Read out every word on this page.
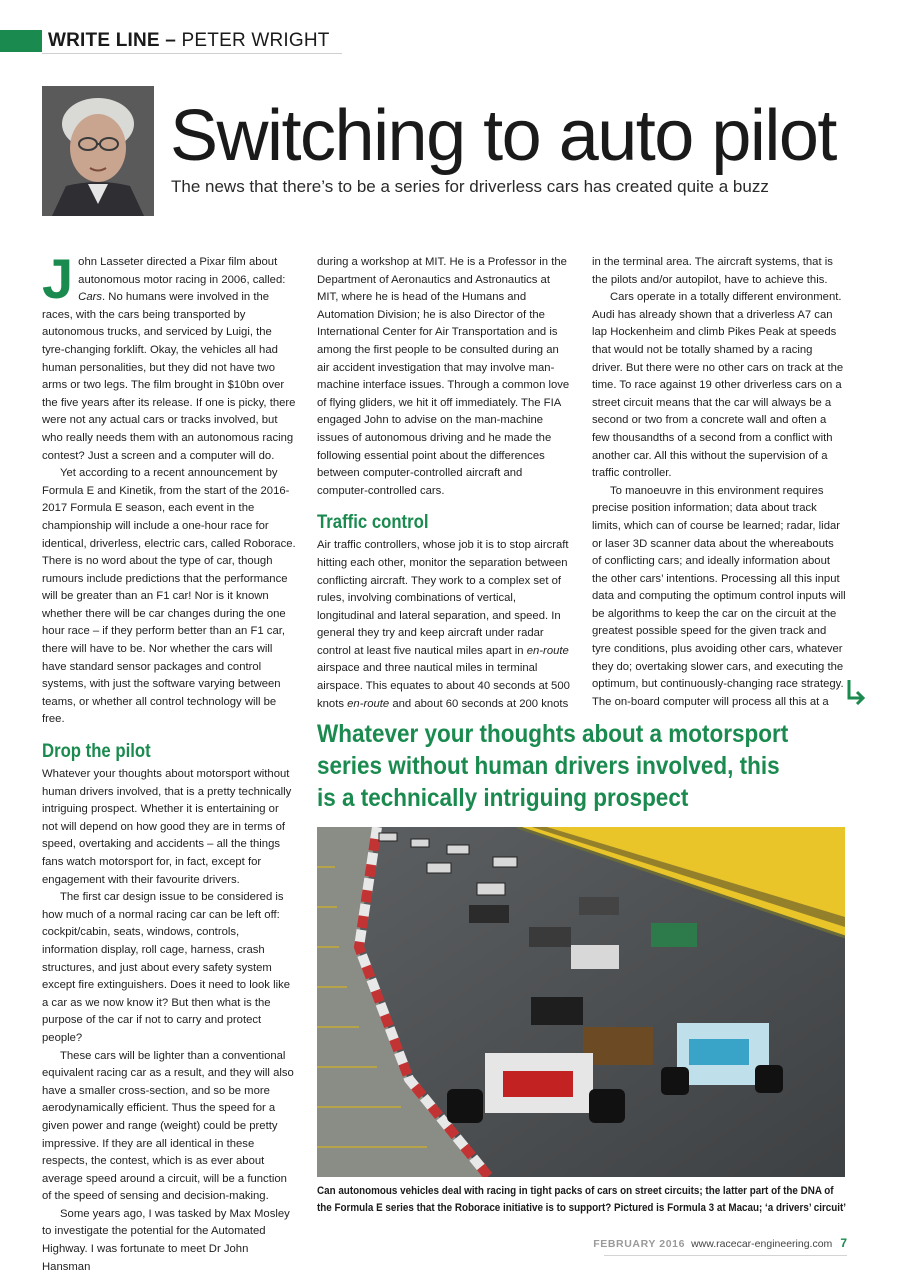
WRITE LINE – PETER WRIGHT
Switching to auto pilot
The news that there’s to be a series for driverless cars has created quite a buzz

John Lasseter directed a Pixar film about autonomous motor racing in 2006, called: Cars. No humans were involved in the races, with the cars being transported by autonomous trucks, and serviced by Luigi, the tyre-changing forklift. Okay, the vehicles all had human personalities, but they did not have two arms or two legs. The film brought in $10bn over the five years after its release. If one is picky, there were not any actual cars or tracks involved, but who really needs them with an autonomous racing contest? Just a screen and a computer will do.

Yet according to a recent announcement by Formula E and Kinetik, from the start of the 2016-2017 Formula E season, each event in the championship will include a one-hour race for identical, driverless, electric cars, called Roborace. There is no word about the type of car, though rumours include predictions that the performance will be greater than an F1 car! Nor is it known whether there will be car changes during the one hour race – if they perform better than an F1 car, there will have to be. Nor whether the cars will have standard sensor packages and control systems, with just the software varying between teams, or whether all control technology will be free.

Drop the pilot

Whatever your thoughts about motorsport without human drivers involved, that is a pretty technically intriguing prospect. Whether it is entertaining or not will depend on how good they are in terms of speed, overtaking and accidents – all the things fans watch motorsport for, in fact, except for engagement with their favourite drivers.

The first car design issue to be considered is how much of a normal racing car can be left off: cockpit/cabin, seats, windows, controls, information display, roll cage, harness, crash structures, and just about every safety system except fire extinguishers. Does it need to look like a car as we now know it? But then what is the purpose of the car if not to carry and protect people?

These cars will be lighter than a conventional equivalent racing car as a result, and they will also have a smaller cross-section, and so be more aerodynamically efficient. Thus the speed for a given power and range (weight) could be pretty impressive. If they are all identical in these respects, the contest, which is as ever about average speed around a circuit, will be a function of the speed of sensing and decision-making.

Some years ago, I was tasked by Max Mosley to investigate the potential for the Automated Highway. I was fortunate to meet Dr John Hansman

during a workshop at MIT. He is a Professor in the Department of Aeronautics and Astronautics at MIT, where he is head of the Humans and Automation Division; he is also Director of the International Center for Air Transportation and is among the first people to be consulted during an air accident investigation that may involve man-machine interface issues. Through a common love of flying gliders, we hit it off immediately. The FIA engaged John to advise on the man-machine issues of autonomous driving and he made the following essential point about the differences between computer-controlled aircraft and computer-controlled cars.

Traffic control

Air traffic controllers, whose job it is to stop aircraft hitting each other, monitor the separation between conflicting aircraft. They work to a complex set of rules, involving combinations of vertical, longitudinal and lateral separation, and speed. In general they try and keep aircraft under radar control at least five nautical miles apart in en-route airspace and three nautical miles in terminal airspace. This equates to about 40 seconds at 500 knots en-route and about 60 seconds at 200 knots

in the terminal area. The aircraft systems, that is the pilots and/or autopilot, have to achieve this.

Cars operate in a totally different environment. Audi has already shown that a driverless A7 can lap Hockenheim and climb Pikes Peak at speeds that would not be totally shamed by a racing driver. But there were no other cars on track at the time. To race against 19 other driverless cars on a street circuit means that the car will always be a second or two from a concrete wall and often a few thousandths of a second from a conflict with another car. All this without the supervision of a traffic controller.

To manoeuvre in this environment requires precise position information; data about track limits, which can of course be learned; radar, lidar or laser 3D scanner data about the whereabouts of conflicting cars; and ideally information about the other cars’ intentions. Processing all this input data and computing the optimum control inputs will be algorithms to keep the car on the circuit at the greatest possible speed for the given track and tyre conditions, plus avoiding other cars, whatever they do; overtaking slower cars, and executing the optimum, but continuously-changing race strategy. The on-board computer will process all this at a

Whatever your thoughts about a motorsport
series without human drivers involved, this
is a technically intriguing prospect
Can autonomous vehicles deal with racing in tight packs of cars on street circuits; the latter part of the DNA of
the Formula E series that the Roborace initiative is to support? Pictured is Formula 3 at Macau; ‘a drivers’ circuit’
FEBRUARY 2016 www.racecar-engineering.com 7
